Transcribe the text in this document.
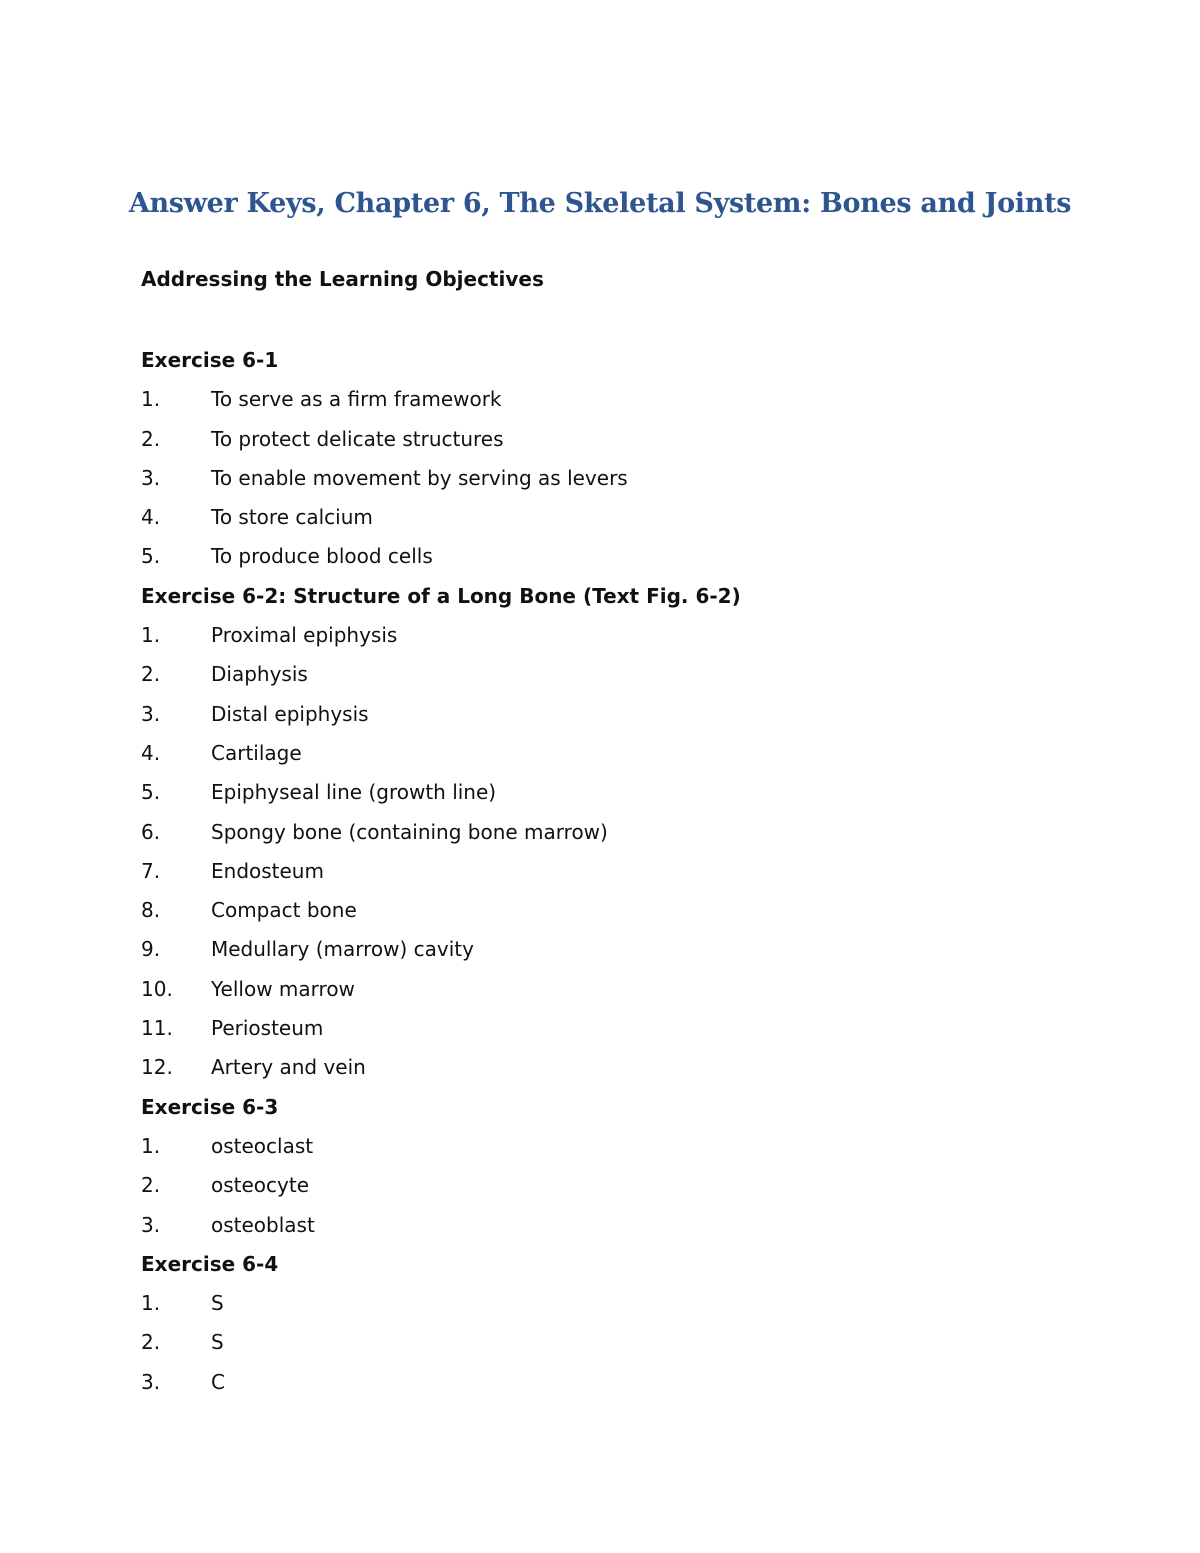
Answer Keys, Chapter 6, The Skeletal System: Bones and Joints
Addressing the Learning Objectives
Exercise 6-1
1.	To serve as a firm framework
2.	To protect delicate structures
3.	To enable movement by serving as levers
4.	To store calcium
5.	To produce blood cells
Exercise 6-2: Structure of a Long Bone (Text Fig. 6-2)
1.	Proximal epiphysis
2.	Diaphysis
3.	Distal epiphysis
4.	Cartilage
5.	Epiphyseal line (growth line)
6.	Spongy bone (containing bone marrow)
7.	Endosteum
8.	Compact bone
9.	Medullary (marrow) cavity
10.	Yellow marrow
11.	Periosteum
12.	Artery and vein
Exercise 6-3
1.	osteoclast
2.	osteocyte
3.	osteoblast
Exercise 6-4
1.	S
2.	S
3.	C
